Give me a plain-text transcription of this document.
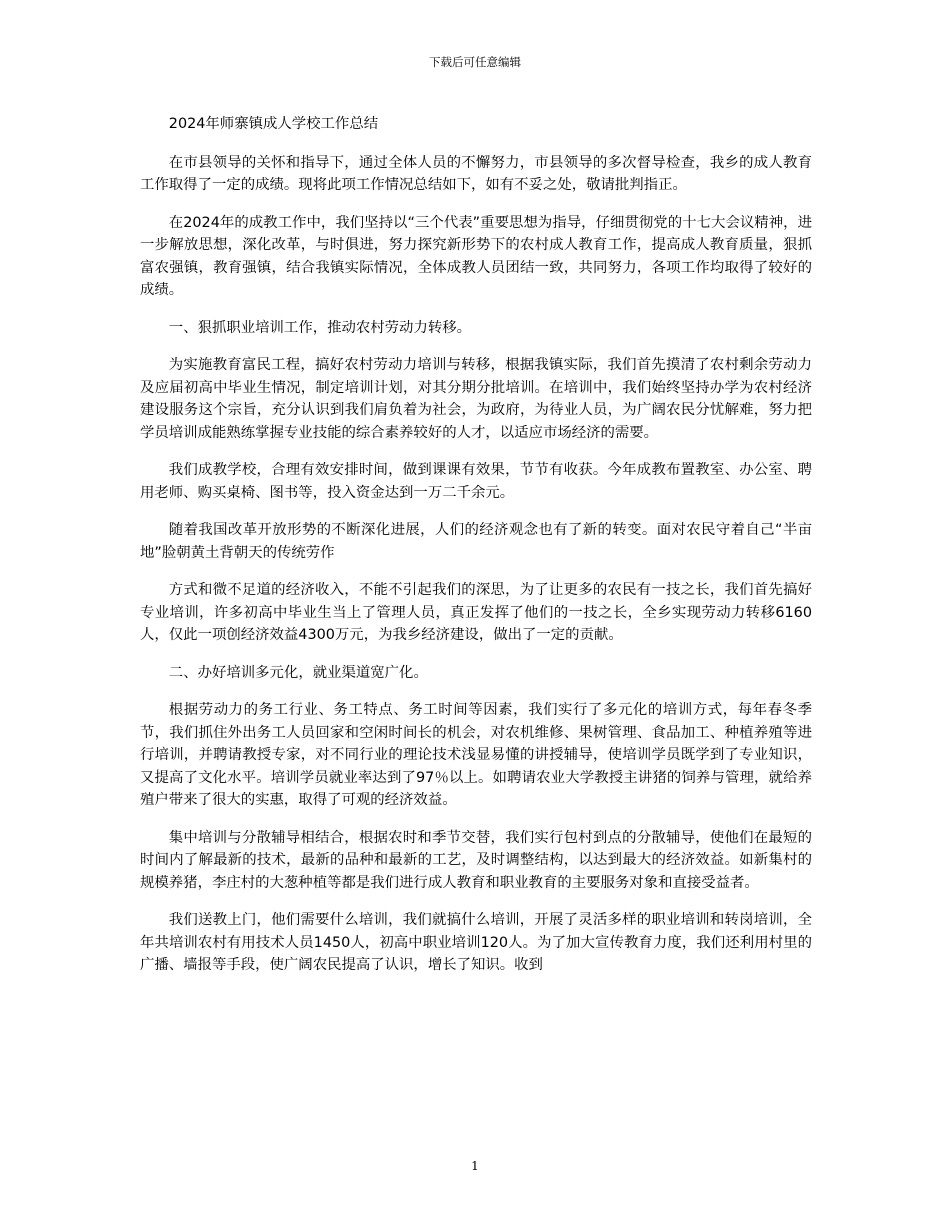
下载后可任意编辑

2024年师寨镇成人学校工作总结

在市县领导的关怀和指导下，通过全体人员的不懈努力，市县领导的多次督导检查，我乡的成人教育工作取得了一定的成绩。现将此项工作情况总结如下，如有不妥之处，敬请批判指正。

在2024年的成教工作中，我们坚持以“三个代表”重要思想为指导，仔细贯彻党的十七大会议精神，进一步解放思想，深化改革，与时俱进，努力探究新形势下的农村成人教育工作，提高成人教育质量，狠抓富农强镇，教育强镇，结合我镇实际情况，全体成教人员团结一致，共同努力，各项工作均取得了较好的成绩。

一、狠抓职业培训工作，推动农村劳动力转移。

为实施教育富民工程，搞好农村劳动力培训与转移，根据我镇实际，我们首先摸清了农村剩余劳动力及应届初高中毕业生情况，制定培训计划，对其分期分批培训。在培训中，我们始终坚持办学为农村经济建设服务这个宗旨，充分认识到我们肩负着为社会，为政府，为待业人员，为广阔农民分忧解难，努力把学员培训成能熟练掌握专业技能的综合素养较好的人才，以适应市场经济的需要。

我们成教学校，合理有效安排时间，做到课课有效果，节节有收获。今年成教布置教室、办公室、聘用老师、购买桌椅、图书等，投入资金达到一万二千余元。

随着我国改革开放形势的不断深化进展，人们的经济观念也有了新的转变。面对农民守着自己“半亩地”脸朝黄土背朝天的传统劳作

方式和微不足道的经济收入，不能不引起我们的深思，为了让更多的农民有一技之长，我们首先搞好专业培训，许多初高中毕业生当上了管理人员，真正发挥了他们的一技之长，全乡实现劳动力转移6160人，仅此一项创经济效益4300万元，为我乡经济建设，做出了一定的贡献。

二、办好培训多元化，就业渠道宽广化。

根据劳动力的务工行业、务工特点、务工时间等因素，我们实行了多元化的培训方式，每年春冬季节，我们抓住外出务工人员回家和空闲时间长的机会，对农机维修、果树管理、食品加工、种植养殖等进行培训，并聘请教授专家，对不同行业的理论技术浅显易懂的讲授辅导，使培训学员既学到了专业知识，又提高了文化水平。培训学员就业率达到了97％以上。如聘请农业大学教授主讲猪的饲养与管理，就给养殖户带来了很大的实惠，取得了可观的经济效益。

集中培训与分散辅导相结合，根据农时和季节交替，我们实行包村到点的分散辅导，使他们在最短的时间内了解最新的技术，最新的品种和最新的工艺，及时调整结构，以达到最大的经济效益。如新集村的规模养猪，李庄村的大葱种植等都是我们进行成人教育和职业教育的主要服务对象和直接受益者。

我们送教上门，他们需要什么培训，我们就搞什么培训，开展了灵活多样的职业培训和转岗培训，全年共培训农村有用技术人员1450人，初高中职业培训120人。为了加大宣传教育力度，我们还利用村里的广播、墙报等手段，使广阔农民提高了认识，增长了知识。收到

1
